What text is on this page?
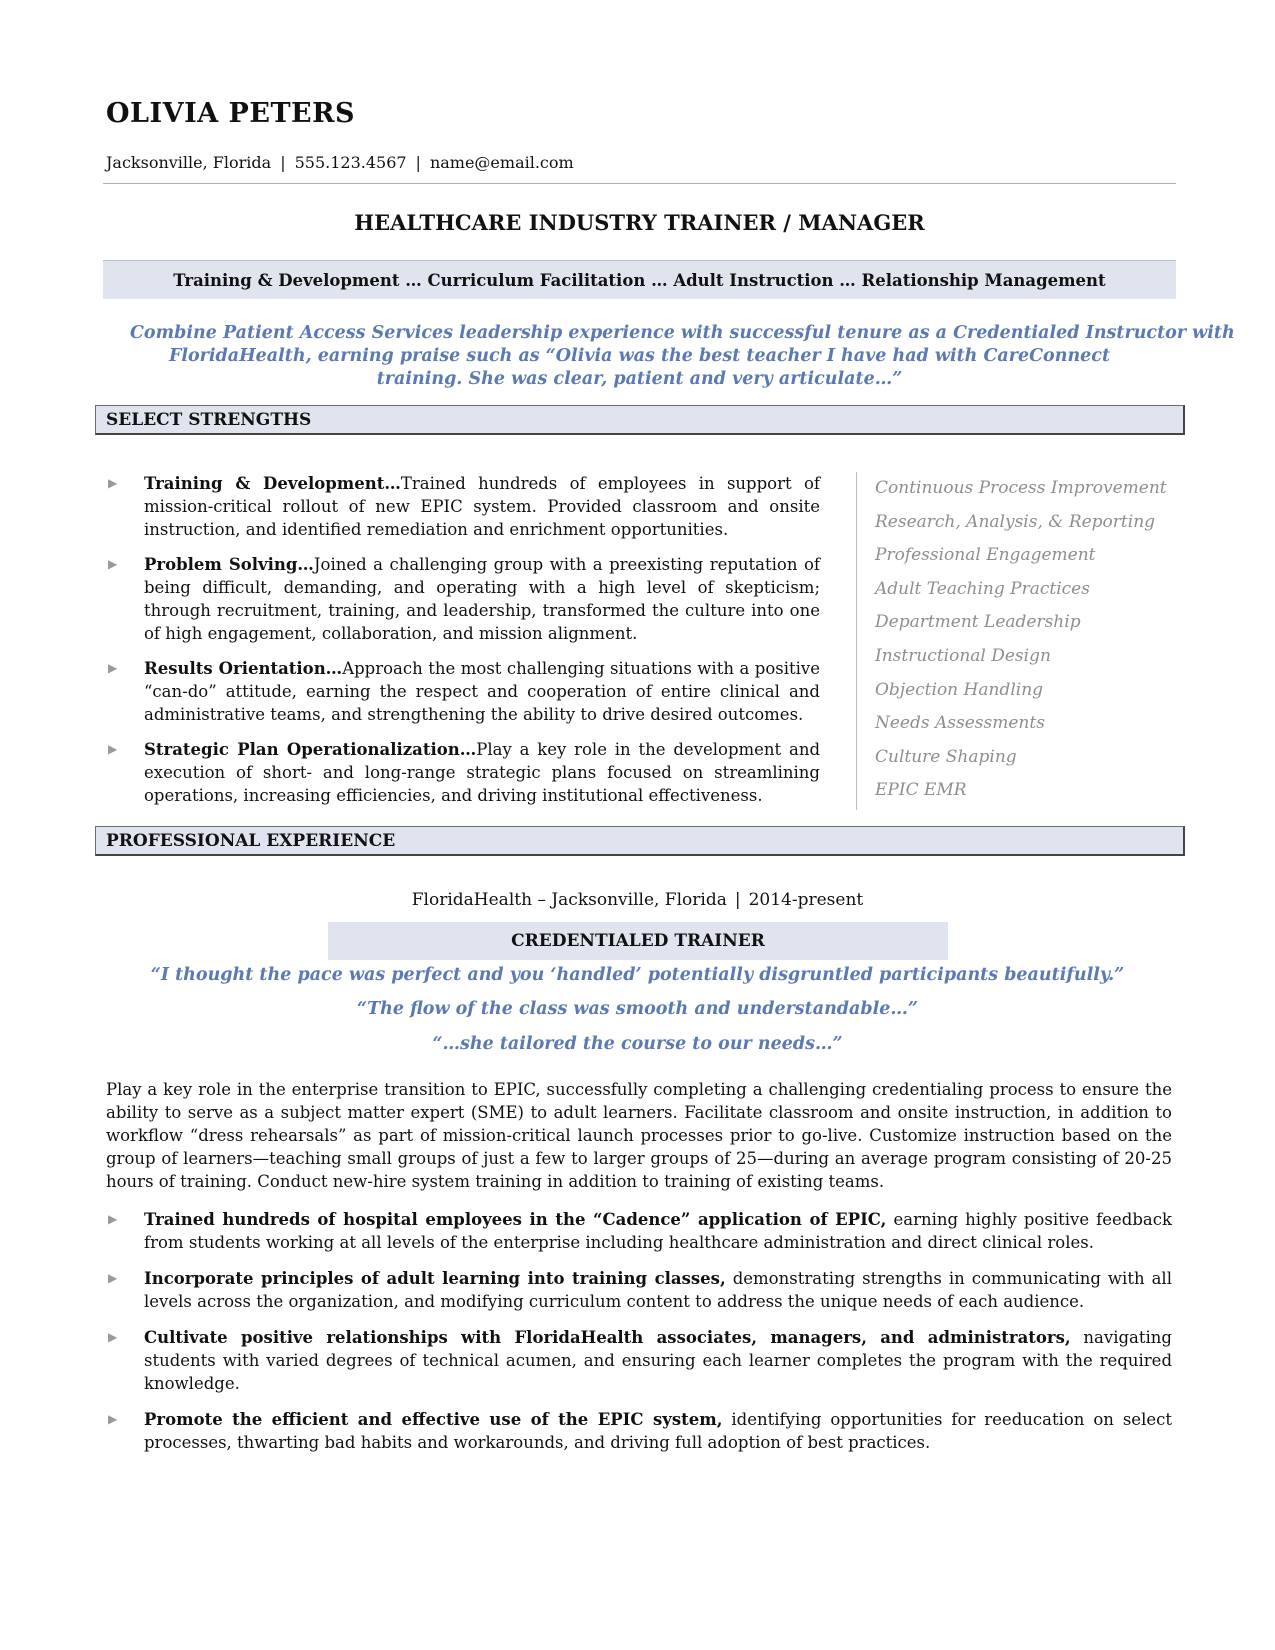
OLIVIA PETERS
Jacksonville, Florida | 555.123.4567 | name@email.com
HEALTHCARE INDUSTRY TRAINER / MANAGER
Training & Development … Curriculum Facilitation … Adult Instruction … Relationship Management
Combine Patient Access Services leadership experience with successful tenure as a Credentialed Instructor with
FloridaHealth, earning praise such as “Olivia was the best teacher I have had with CareConnect
training. She was clear, patient and very articulate…”
SELECT STRENGTHS
▶ Training & Development…Trained hundreds of employees in support of mission-critical rollout of new EPIC system. Provided classroom and onsite instruction, and identified remediation and enrichment opportunities.
▶ Problem Solving…Joined a challenging group with a preexisting reputation of being difficult, demanding, and operating with a high level of skepticism; through recruitment, training, and leadership, transformed the culture into one of high engagement, collaboration, and mission alignment.
▶ Results Orientation…Approach the most challenging situations with a positive “can-do” attitude, earning the respect and cooperation of entire clinical and administrative teams, and strengthening the ability to drive desired outcomes.
▶ Strategic Plan Operationalization…Play a key role in the development and execution of short- and long-range strategic plans focused on streamlining operations, increasing efficiencies, and driving institutional effectiveness.
Continuous Process Improvement
Research, Analysis, & Reporting
Professional Engagement
Adult Teaching Practices
Department Leadership
Instructional Design
Objection Handling
Needs Assessments
Culture Shaping
EPIC EMR
PROFESSIONAL EXPERIENCE
FloridaHealth – Jacksonville, Florida | 2014-present
CREDENTIALED TRAINER
“I thought the pace was perfect and you ‘handled’ potentially disgruntled participants beautifully.”
“The flow of the class was smooth and understandable…”
“…she tailored the course to our needs…”
Play a key role in the enterprise transition to EPIC, successfully completing a challenging credentialing process to ensure the ability to serve as a subject matter expert (SME) to adult learners. Facilitate classroom and onsite instruction, in addition to workflow “dress rehearsals” as part of mission-critical launch processes prior to go-live. Customize instruction based on the group of learners—teaching small groups of just a few to larger groups of 25—during an average program consisting of 20-25 hours of training. Conduct new-hire system training in addition to training of existing teams.
▶ Trained hundreds of hospital employees in the “Cadence” application of EPIC, earning highly positive feedback from students working at all levels of the enterprise including healthcare administration and direct clinical roles.
▶ Incorporate principles of adult learning into training classes, demonstrating strengths in communicating with all levels across the organization, and modifying curriculum content to address the unique needs of each audience.
▶ Cultivate positive relationships with FloridaHealth associates, managers, and administrators, navigating students with varied degrees of technical acumen, and ensuring each learner completes the program with the required knowledge.
▶ Promote the efficient and effective use of the EPIC system, identifying opportunities for reeducation on select processes, thwarting bad habits and workarounds, and driving full adoption of best practices.
